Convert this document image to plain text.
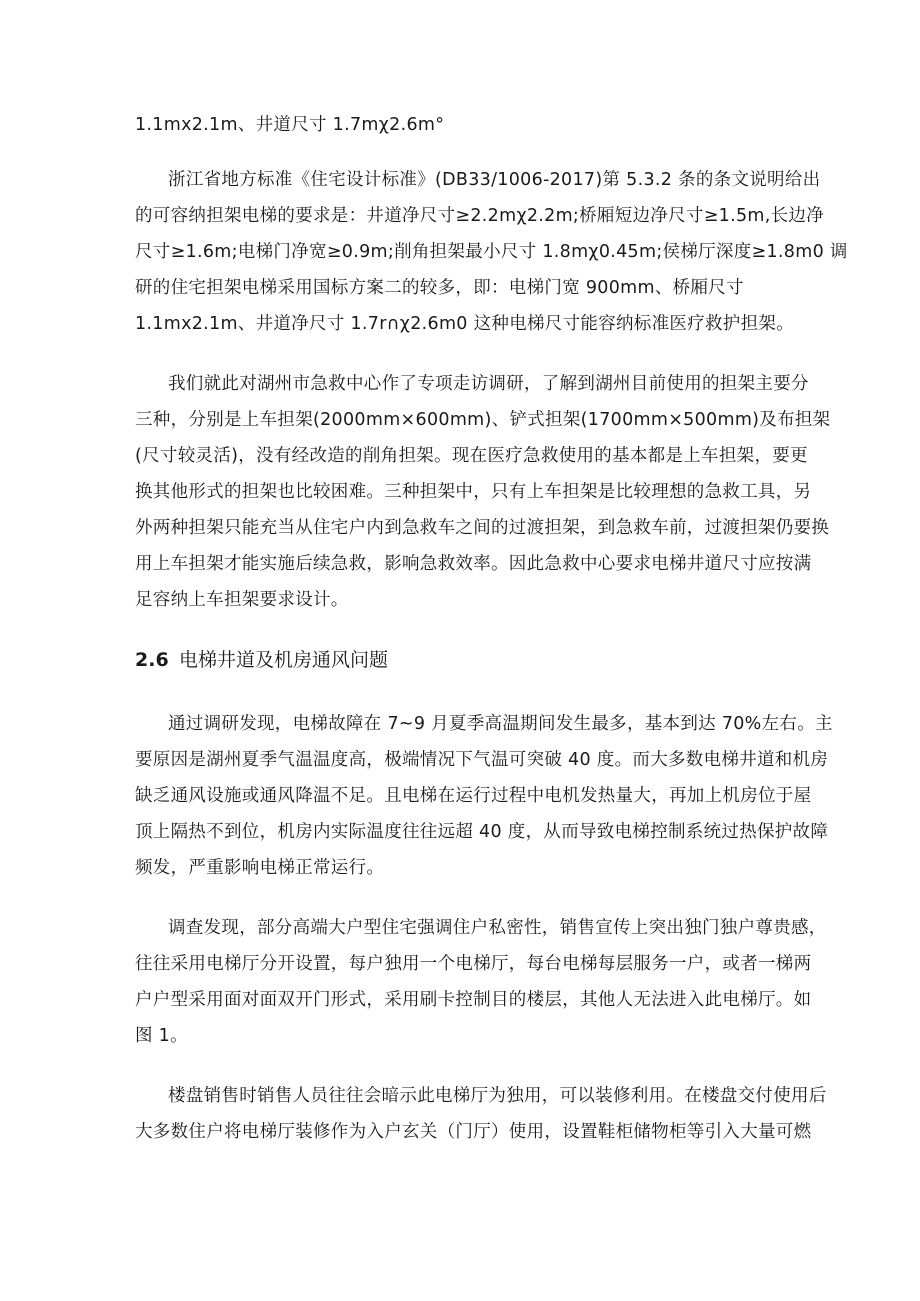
1.1mx2.1m、井道尺寸 1.7mχ2.6m°
浙江省地方标准《住宅设计标准》(DB33/1006-2017)第 5.3.2 条的条文说明给出
的可容纳担架电梯的要求是：井道净尺寸≥2.2mχ2.2m;桥厢短边净尺寸≥1.5m,长边净
尺寸≥1.6m;电梯门净宽≥0.9m;削角担架最小尺寸 1.8mχ0.45m;侯梯厅深度≥1.8m0 调
研的住宅担架电梯采用国标方案二的较多，即：电梯门宽 900mm、桥厢尺寸
1.1mx2.1m、井道净尺寸 1.7r∩χ2.6m0 这种电梯尺寸能容纳标准医疗救护担架。
我们就此对湖州市急救中心作了专项走访调研，了解到湖州目前使用的担架主要分
三种，分别是上车担架(2000mm×600mm)、铲式担架(1700mm×500mm)及布担架
(尺寸较灵活)，没有经改造的削角担架。现在医疗急救使用的基本都是上车担架，要更
换其他形式的担架也比较困难。三种担架中，只有上车担架是比较理想的急救工具，另
外两种担架只能充当从住宅户内到急救车之间的过渡担架，到急救车前，过渡担架仍要换
用上车担架才能实施后续急救，影响急救效率。因此急救中心要求电梯井道尺寸应按满
足容纳上车担架要求设计。
2.6 电梯井道及机房通风问题
通过调研发现，电梯故障在 7~9 月夏季高温期间发生最多，基本到达 70%左右。主
要原因是湖州夏季气温温度高，极端情况下气温可突破 40 度。而大多数电梯井道和机房
缺乏通风设施或通风降温不足。且电梯在运行过程中电机发热量大，再加上机房位于屋
顶上隔热不到位，机房内实际温度往往远超 40 度，从而导致电梯控制系统过热保护故障
频发，严重影响电梯正常运行。
调查发现，部分高端大户型住宅强调住户私密性，销售宣传上突出独门独户尊贵感，
往往采用电梯厅分开设置，每户独用一个电梯厅，每台电梯每层服务一户，或者一梯两
户户型采用面对面双开门形式，采用刷卡控制目的楼层，其他人无法进入此电梯厅。如
图 1。
楼盘销售时销售人员往往会暗示此电梯厅为独用，可以装修利用。在楼盘交付使用后
大多数住户将电梯厅装修作为入户玄关（门厅）使用，设置鞋柜储物柜等引入大量可燃
